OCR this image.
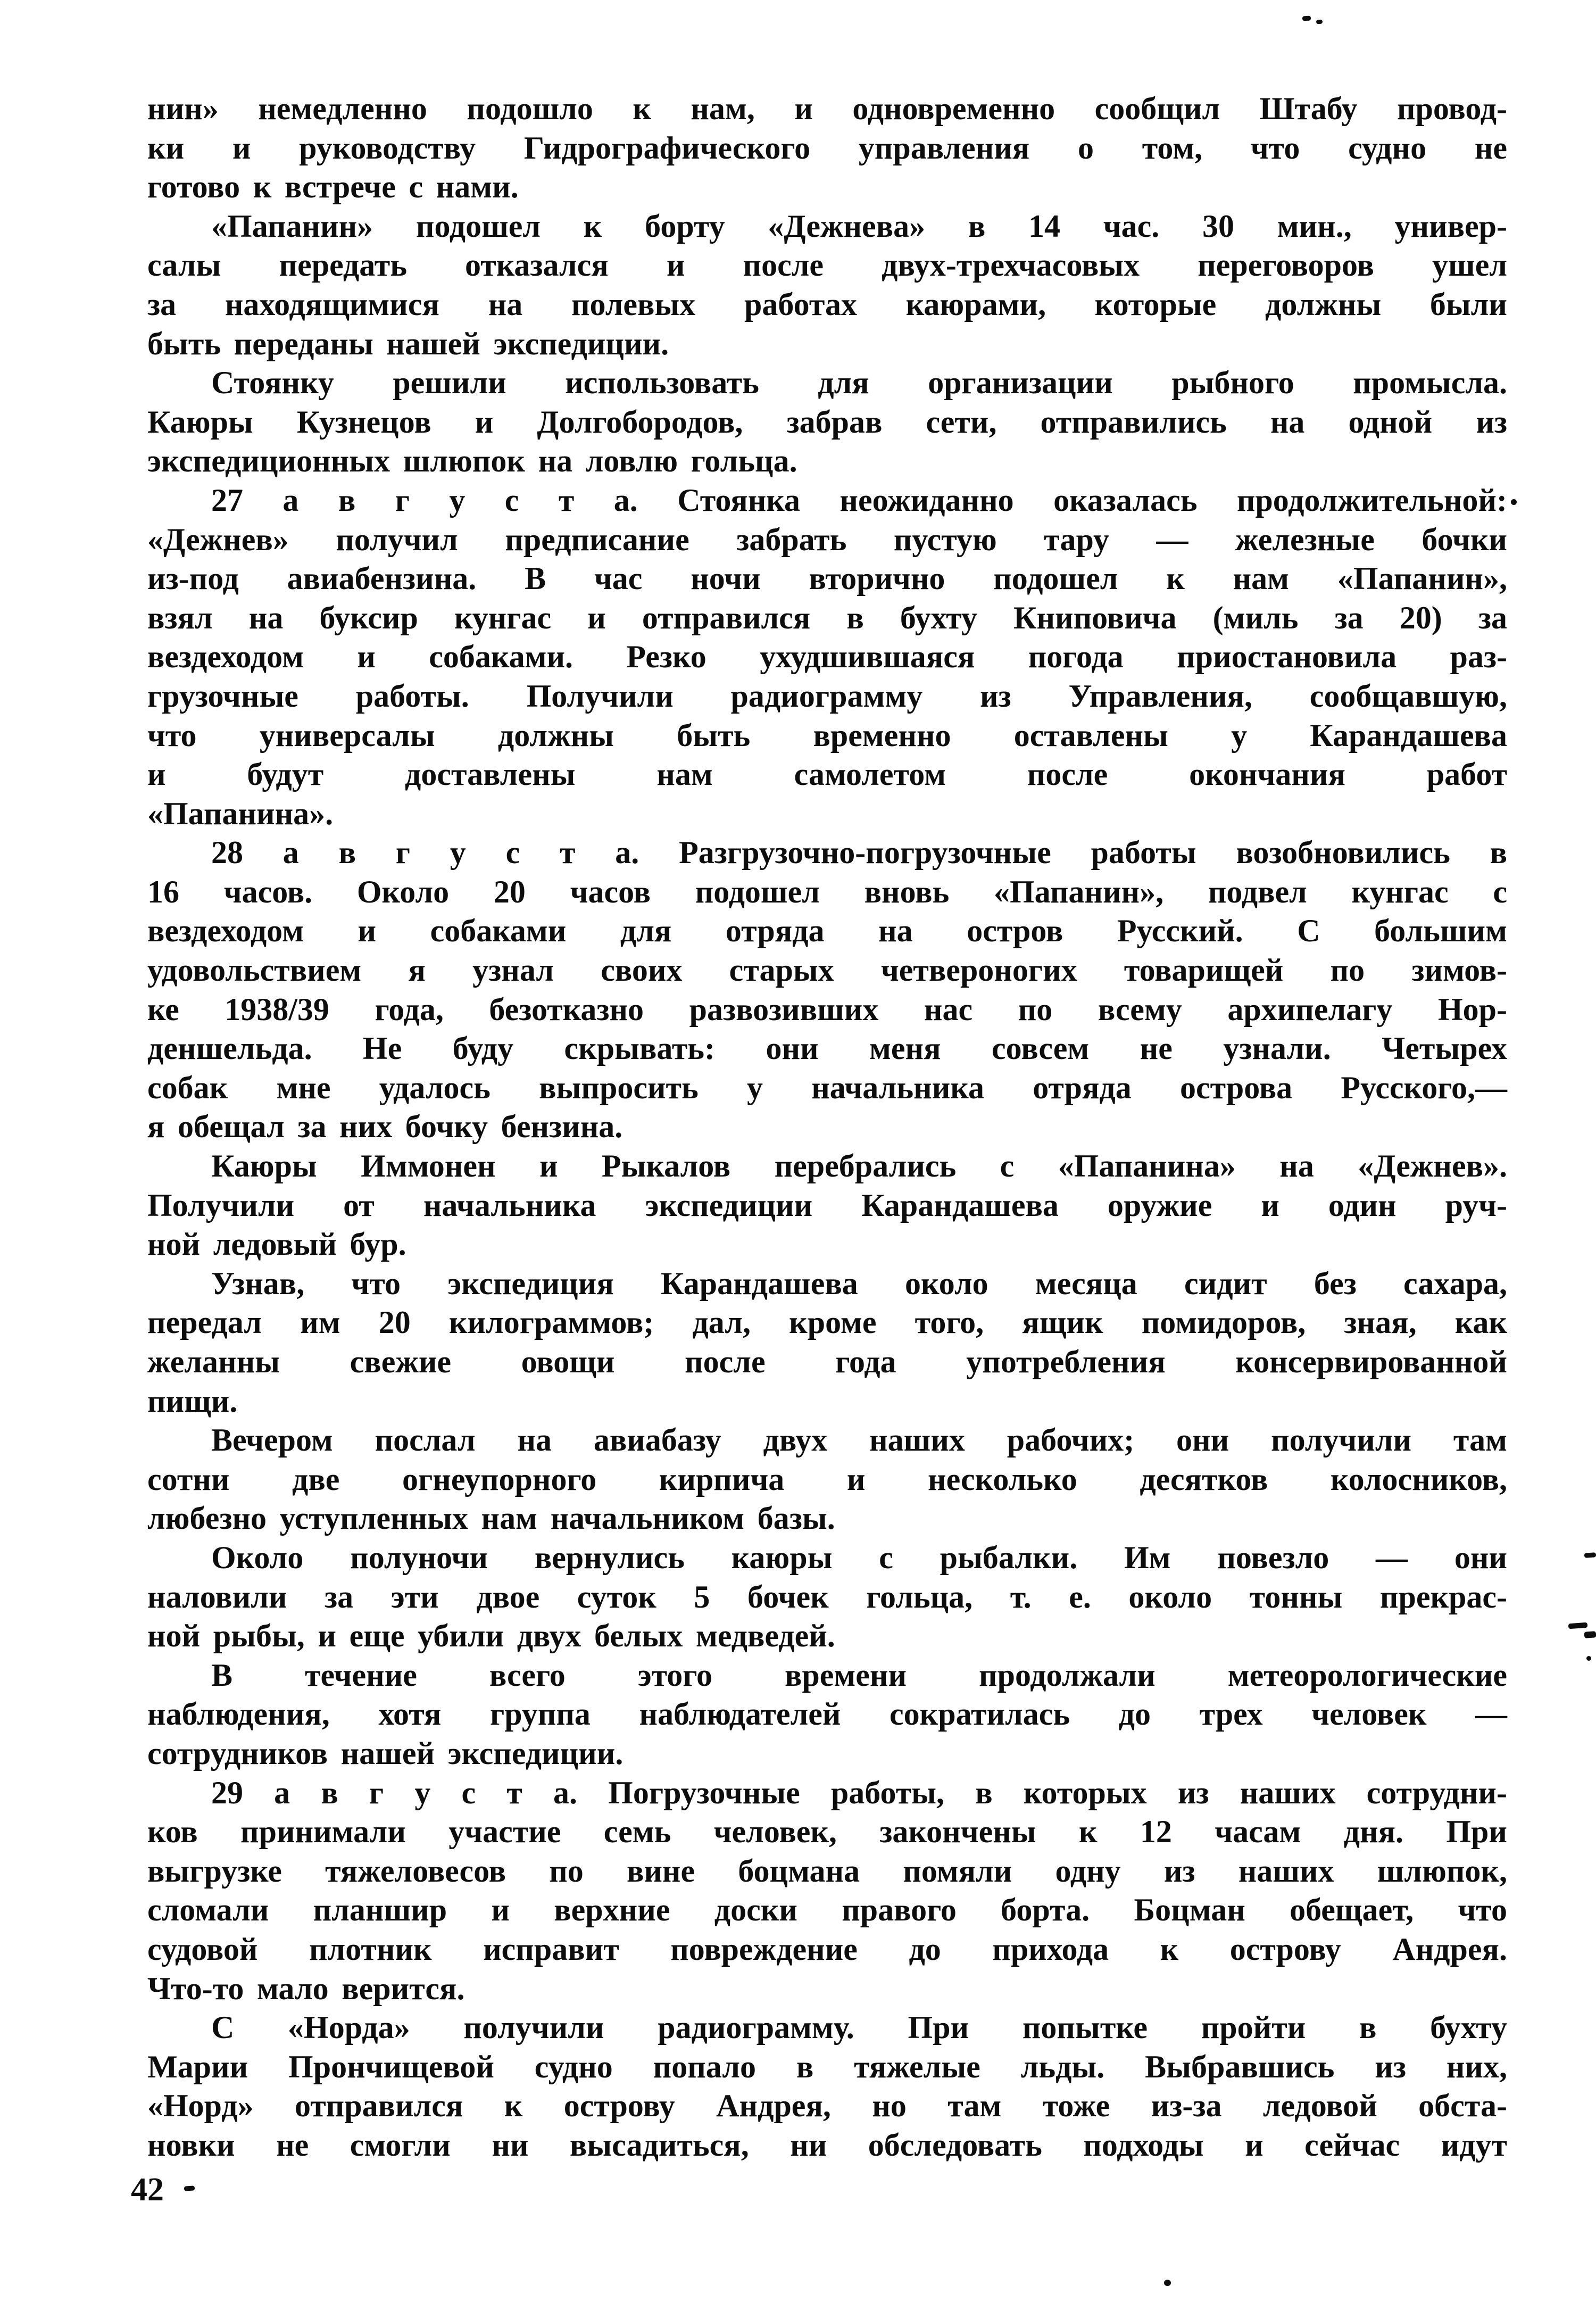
нин» немедленно подошло к нам, и одновременно сообщил Штабу провод-
ки и руководству Гидрографического управления о том, что судно не
готово к встрече с нами.
«Папанин» подошел к борту «Дежнева» в 14 час. 30 мин., универ-
салы передать отказался и после двух-трехчасовых переговоров ушел
за находящимися на полевых работах каюрами, которые должны были
быть переданы нашей экспедиции.
Стоянку решили использовать для организации рыбного промысла.
Каюры Кузнецов и Долгобородов, забрав сети, отправились на одной из
экспедиционных шлюпок на ловлю гольца.
27 а в г у с т а. Стоянка неожиданно оказалась продолжительной:
«Дежнев» получил предписание забрать пустую тару — железные бочки
из-под авиабензина. В час ночи вторично подошел к нам «Папанин»,
взял на буксир кунгас и отправился в бухту Книповича (миль за 20) за
вездеходом и собаками. Резко ухудшившаяся погода приостановила раз-
грузочные работы. Получили радиограмму из Управления, сообщавшую,
что универсалы должны быть временно оставлены у Карандашева
и будут доставлены нам самолетом после окончания работ
«Папанина».
28 а в г у с т а. Разгрузочно-погрузочные работы возобновились в
16 часов. Около 20 часов подошел вновь «Папанин», подвел кунгас с
вездеходом и собаками для отряда на остров Русский. С большим
удовольствием я узнал своих старых четвероногих товарищей по зимов-
ке 1938/39 года, безотказно развозивших нас по всему архипелагу Нор-
деншельда. Не буду скрывать: они меня совсем не узнали. Четырех
собак мне удалось выпросить у начальника отряда острова Русского,—
я обещал за них бочку бензина.
Каюры Иммонен и Рыкалов перебрались с «Папанина» на «Дежнев».
Получили от начальника экспедиции Карандашева оружие и один руч-
ной ледовый бур.
Узнав, что экспедиция Карандашева около месяца сидит без сахара,
передал им 20 килограммов; дал, кроме того, ящик помидоров, зная, как
желанны свежие овощи после года употребления консервированной
пищи.
Вечером послал на авиабазу двух наших рабочих; они получили там
сотни две огнеупорного кирпича и несколько десятков колосников,
любезно уступленных нам начальником базы.
Около полуночи вернулись каюры с рыбалки. Им повезло — они
наловили за эти двое суток 5 бочек гольца, т. е. около тонны прекрас-
ной рыбы, и еще убили двух белых медведей.
В течение всего этого времени продолжали метеорологические
наблюдения, хотя группа наблюдателей сократилась до трех человек —
сотрудников нашей экспедиции.
29 а в г у с т а. Погрузочные работы, в которых из наших сотрудни-
ков принимали участие семь человек, закончены к 12 часам дня. При
выгрузке тяжеловесов по вине боцмана помяли одну из наших шлюпок,
сломали планшир и верхние доски правого борта. Боцман обещает, что
судовой плотник исправит повреждение до прихода к острову Андрея.
Что-то мало верится.
С «Норда» получили радиограмму. При попытке пройти в бухту
Марии Прончищевой судно попало в тяжелые льды. Выбравшись из них,
«Норд» отправился к острову Андрея, но там тоже из-за ледовой обста-
новки не смогли ни высадиться, ни обследовать подходы и сейчас идут
42
